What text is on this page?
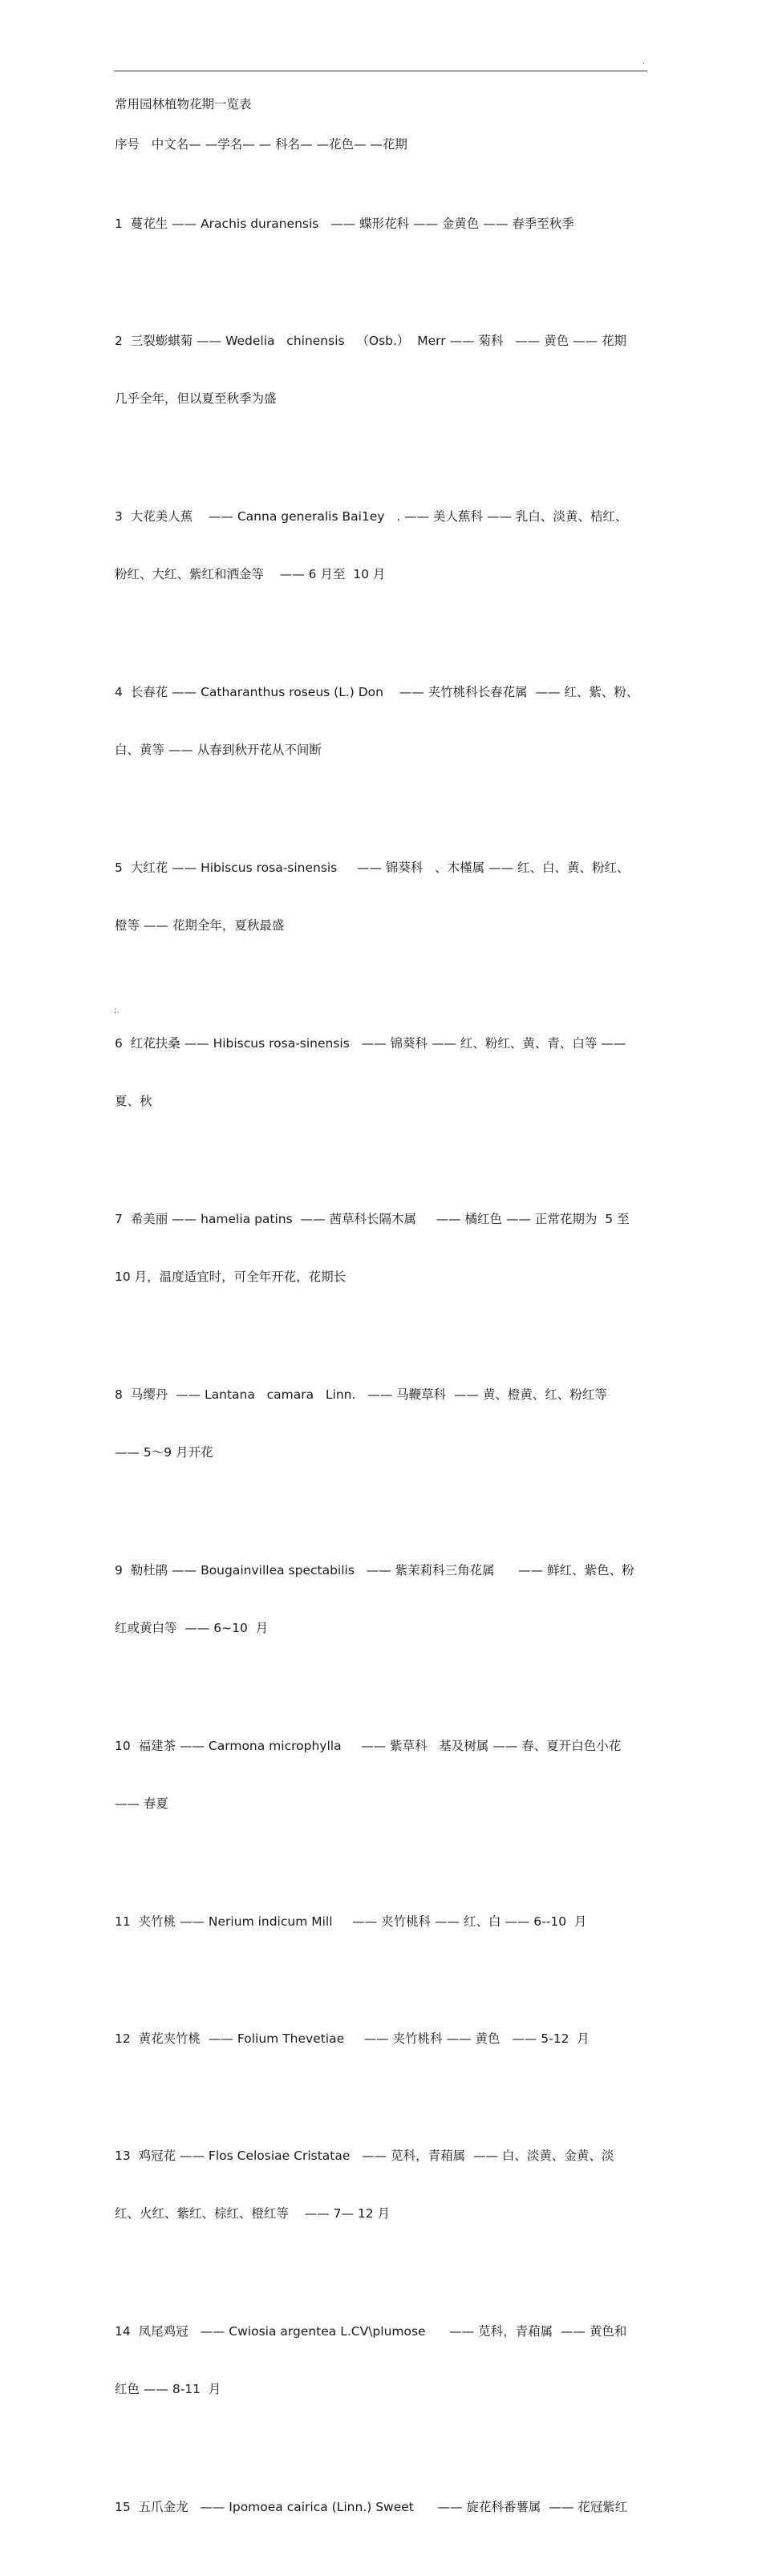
.
常用园林植物花期一览表
序号   中文名— —学名— — 科名— —花色— —花期

1  蔓花生 —— Arachis duranensis   —— 蝶形花科 —— 金黄色 —— 春季至秋季

2  三裂蟛蜞菊 —— Wedelia   chinensis   （Osb.）  Merr —— 菊科   —— 黄色 —— 花期

几乎全年，但以夏至秋季为盛

3  大花美人蕉    —— Canna generalis Bai1ey   . —— 美人蕉科 —— 乳白、淡黄、桔红、

粉红、大红、紫红和洒金等    —— 6 月至  10 月

4  长春花 —— Catharanthus roseus (L.) Don    —— 夹竹桃科长春花属  —— 红、紫、粉、

白、黄等 —— 从春到秋开花从不间断

5  大红花 —— Hibiscus rosa-sinensis     —— 锦葵科   、木槿属 —— 红、白、黄、粉红、

橙等 —— 花期全年，夏秋最盛

6  红花扶桑 —— Hibiscus rosa-sinensis   —— 锦葵科 —— 红、粉红、黄、青、白等 ——

夏、秋

7  希美丽 —— hamelia patins  —— 茜草科长隔木属     —— 橘红色 —— 正常花期为  5 至

10 月，温度适宜时，可全年开花，花期长

8  马缨丹  —— Lantana   camara   Linn.   —— 马鞭草科  —— 黄、橙黄、红、粉红等

—— 5～9 月开花

9  勒杜鹃 —— Bougainvillea spectabilis   —— 紫茉莉科三角花属      —— 鲜红、紫色、粉

红或黄白等  —— 6~10  月

10  福建茶 —— Carmona microphylla     —— 紫草科   基及树属 —— 春、夏开白色小花

—— 春夏

11  夹竹桃 —— Nerium indicum Mill     —— 夹竹桃科 —— 红、白 —— 6--10  月

12  黄花夹竹桃  —— Folium Thevetiae     —— 夹竹桃科 —— 黄色   —— 5-12  月

13  鸡冠花 —— Flos Celosiae Cristatae   —— 苋科，青葙属  —— 白、淡黄、金黄、淡

红、火红、紫红、棕红、橙红等    —— 7— 12 月

14  凤尾鸡冠   —— Cwiosia argentea L.CV\plumose      —— 苋科，青葙属  —— 黄色和

红色 —— 8-11  月

15  五爪金龙   —— Ipomoea cairica (Linn.) Sweet      —— 旋花科番薯属  —— 花冠紫红

;.
